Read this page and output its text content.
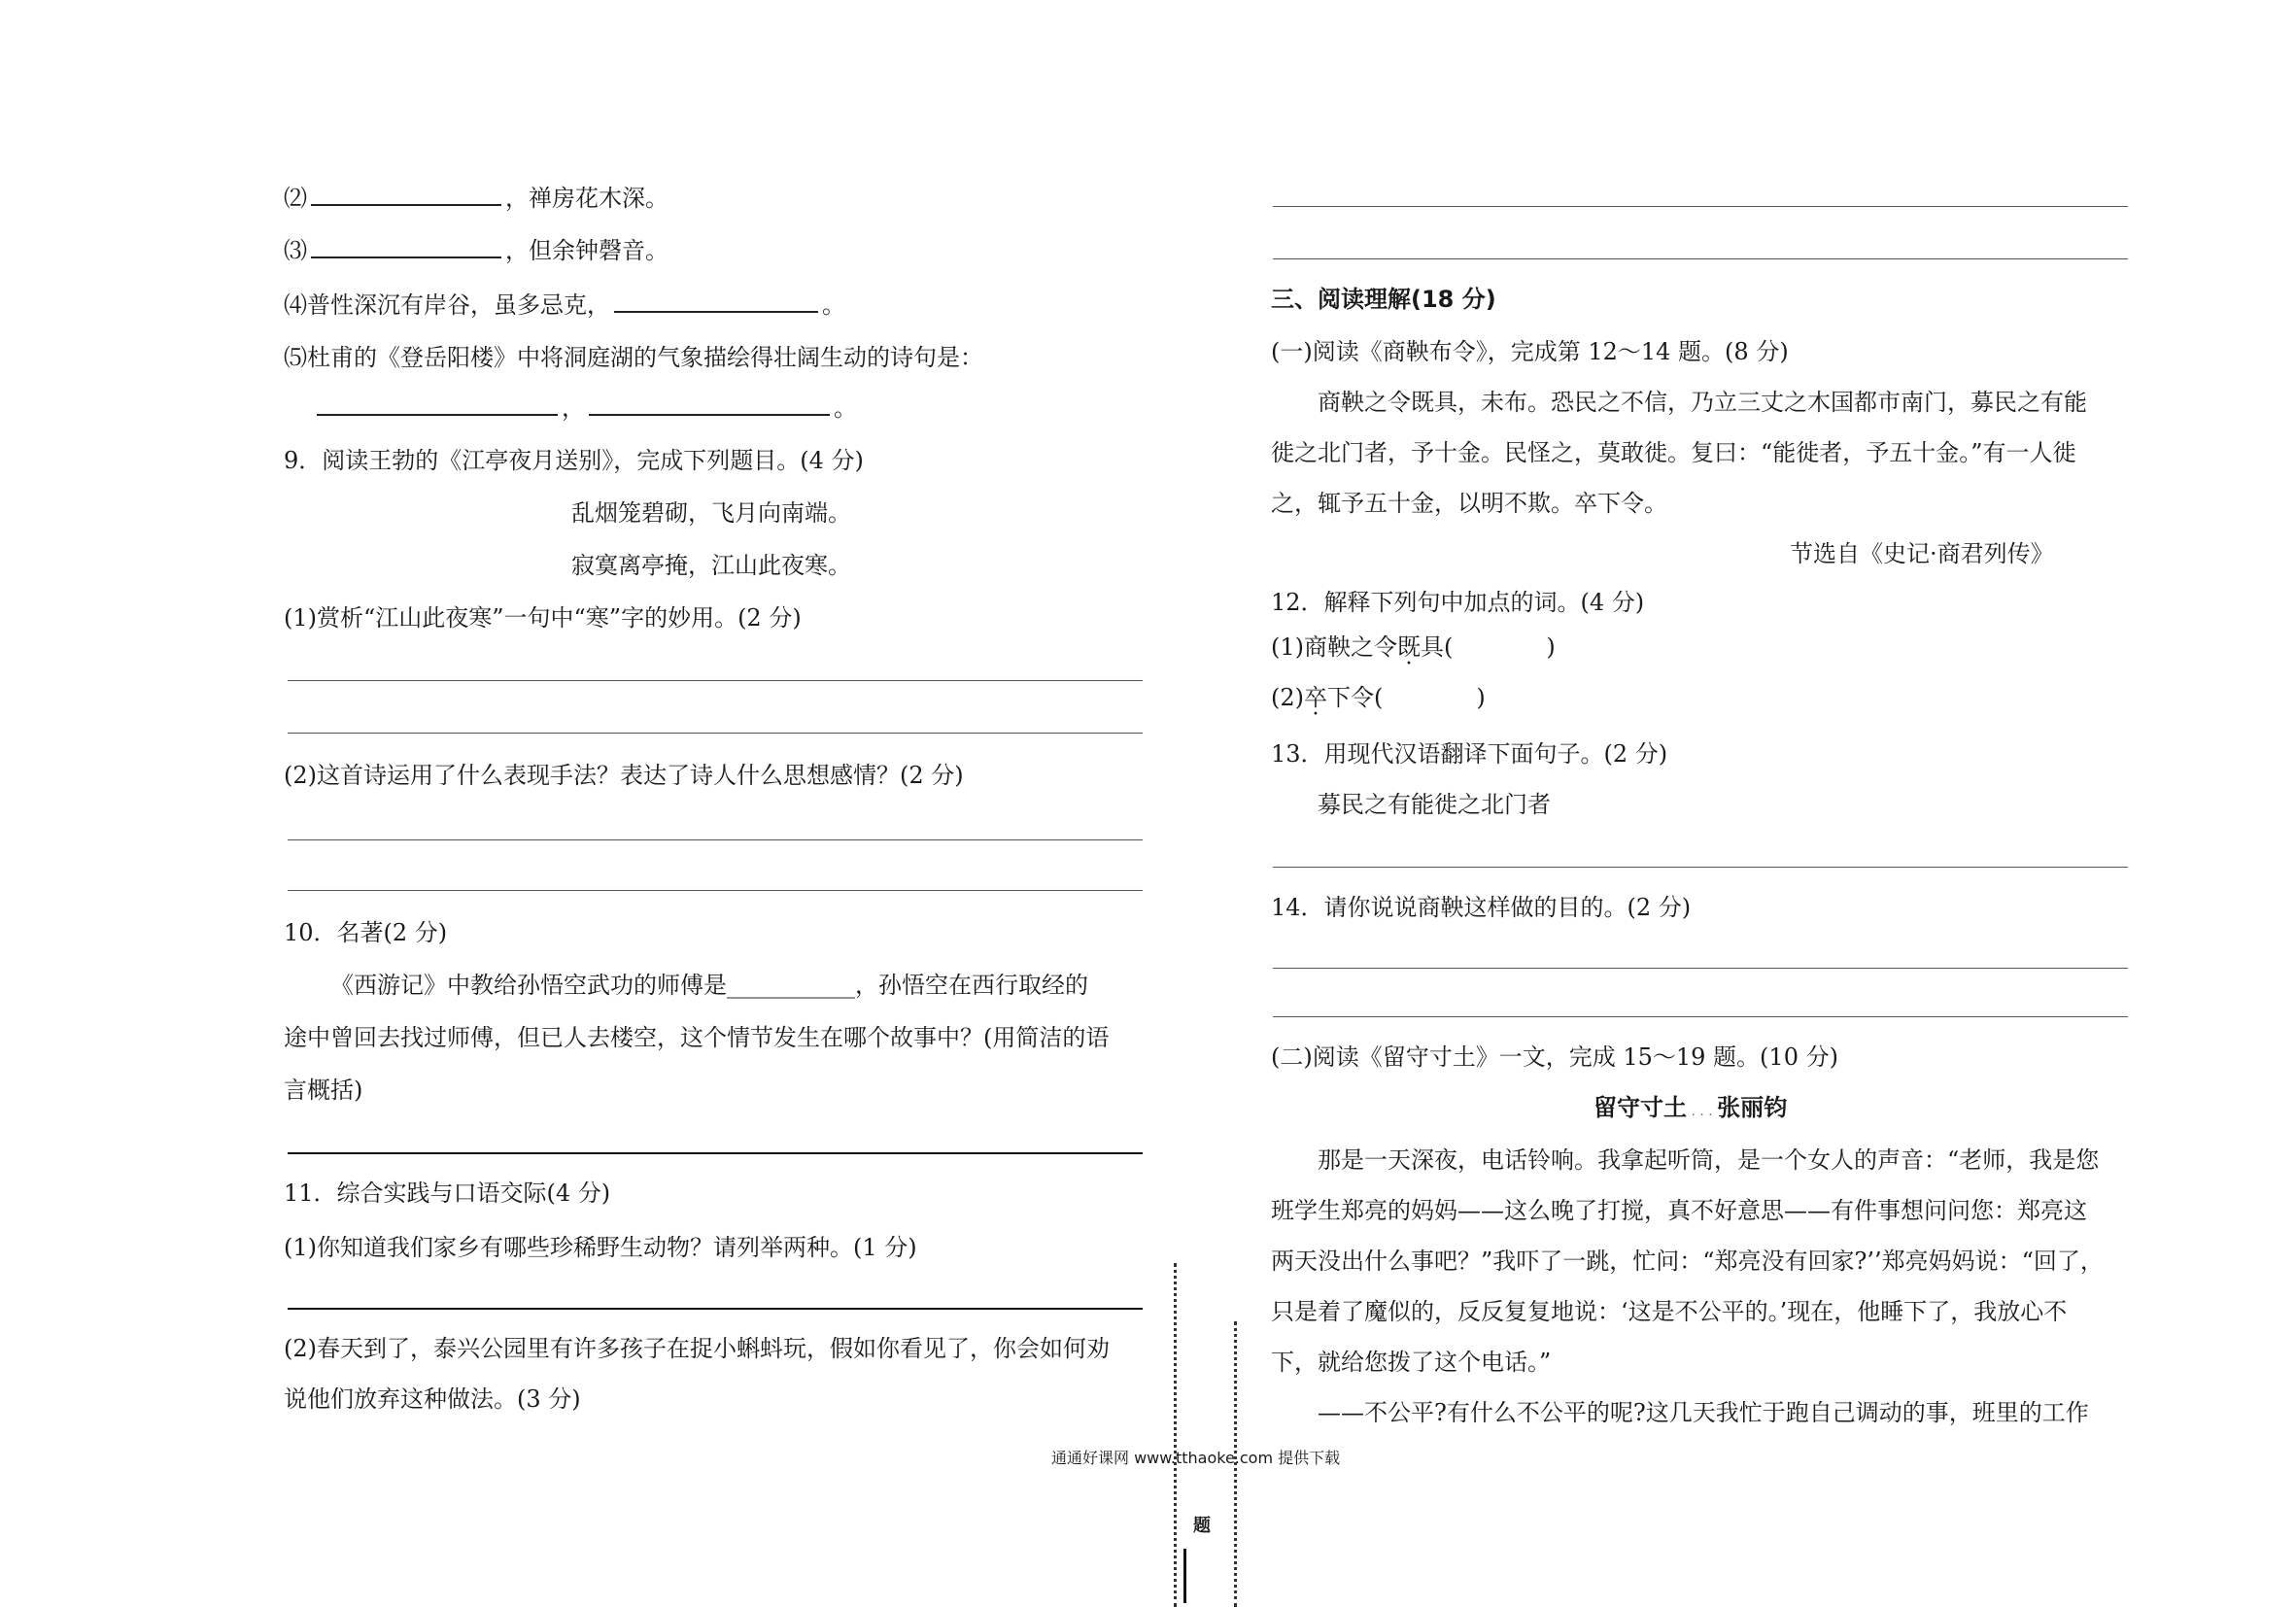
⑵	，禅房花木深。
⑶	，但余钟磬音。
⑷普性深沉有岸谷，虽多忌克，	。
⑸杜甫的《登岳阳楼》中将洞庭湖的气象描绘得壮阔生动的诗句是：
，	。
9．阅读王勃的《江亭夜月送别》，完成下列题目。(4 分)
乱烟笼碧砌，飞月向南端。
寂寞离亭掩，江山此夜寒。
(1)赏析“江山此夜寒”一句中“寒”字的妙用。(2 分)
(2)这首诗运用了什么表现手法？表达了诗人什么思想感情？(2 分)
10．名著(2 分)
《西游记》中教给孙悟空武功的师傅是___________，孙悟空在西行取经的
途中曾回去找过师傅，但已人去楼空，这个情节发生在哪个故事中？(用简洁的语
言概括)
11．综合实践与口语交际(4 分)
(1)你知道我们家乡有哪些珍稀野生动物？请列举两种。(1 分)
(2)春天到了，泰兴公园里有许多孩子在捉小蝌蚪玩，假如你看见了，你会如何劝
说他们放弃这种做法。(3 分)
三、阅读理解(18 分)
(一)阅读《商鞅布令》，完成第 12～14 题。(8 分)
商鞅之令既具，未布。恐民之不信，乃立三丈之木国都市南门，募民之有能
徙之北门者，予十金。民怪之，莫敢徙。复曰：“能徙者，予五十金。”有一人徙
之，辄予五十金，以明不欺。卒下令。
节选自《史记·商君列传》
12．解释下列句中加点的词。(4 分)
(1)商鞅之令既具(	)
(2)卒下令(	)
13．用现代汉语翻译下面句子。(2 分)
募民之有能徙之北门者
14．请你说说商鞅这样做的目的。(2 分)
(二)阅读《留守寸土》一文，完成 15～19 题。(10 分)
留守寸土 . . . 张丽钧
那是一天深夜，电话铃响。我拿起听筒，是一个女人的声音：“老师，我是您
班学生郑亮的妈妈——这么晚了打搅，真不好意思——有件事想问问您：郑亮这
两天没出什么事吧？”我吓了一跳，忙问：“郑亮没有回家?’’郑亮妈妈说：“回了，
只是着了魔似的，反反复复地说：‘这是不公平的。’现在，他睡下了，我放心不
下，就给您拨了这个电话。”
——不公平?有什么不公平的呢?这几天我忙于跑自己调动的事，班里的工作
题
通通好课网 www.tthaoke.com 提供下载
